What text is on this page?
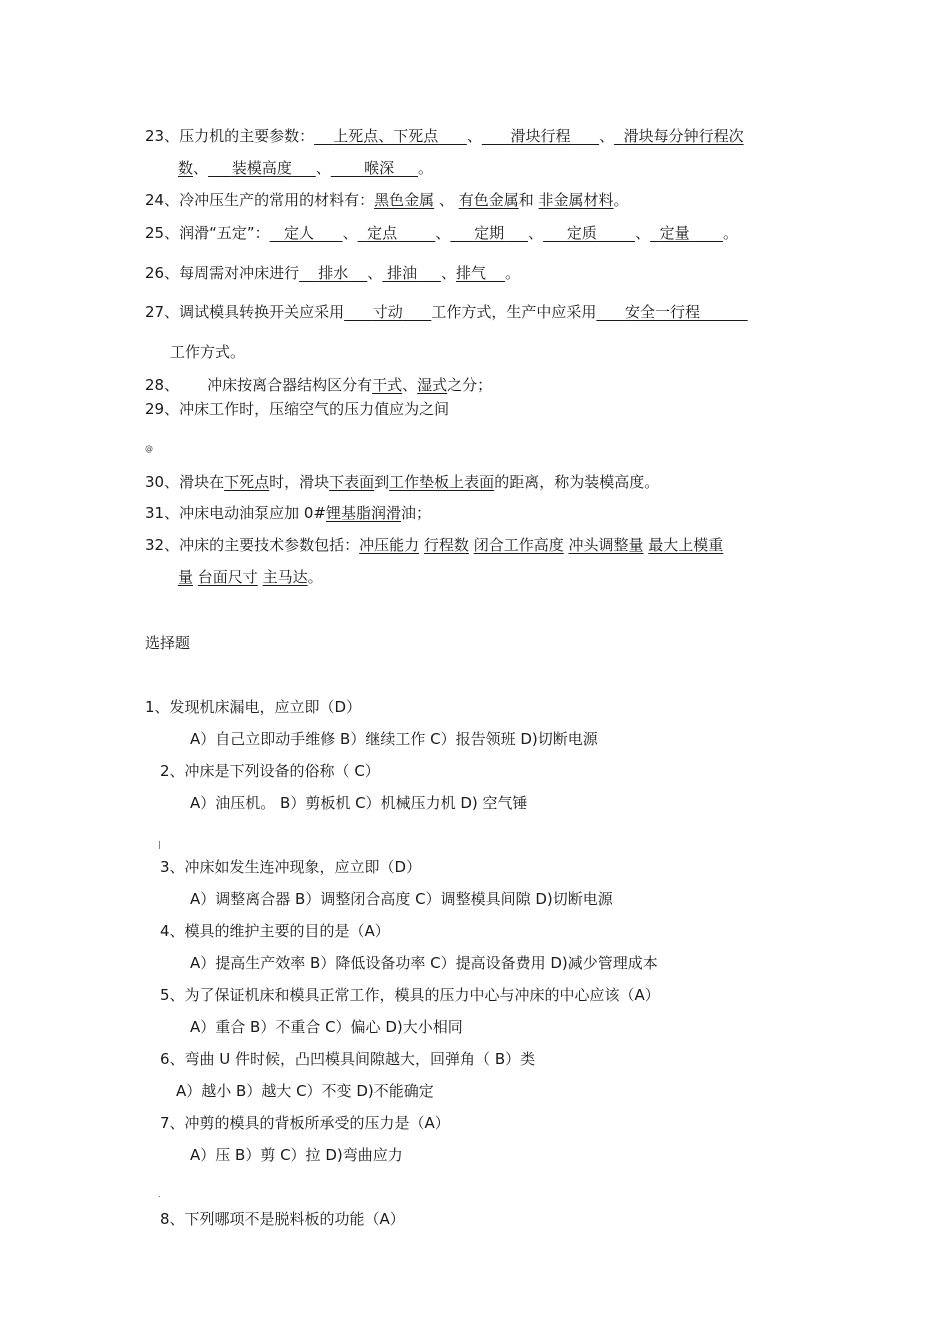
23、压力机的主要参数： 上死点、下死点 、 滑块行程 、 滑块每分钟行程次
数、 装模高度 、 喉深 。
24、冷冲压生产的常用的材料有：黑色金属 、 有色金属和 非金属材料。
25、润滑“五定”： 定人 、 定点	、 定期 、 定质	、 定量 。
26、每周需对冲床进行 排水 、 排油 、排气 。
27、调试模具转换开关应采用 寸动 工作方式，生产中应采用 安全一行程
工作方式。
28、 冲床按离合器结构区分有干式、湿式之分；
29、冲床工作时，压缩空气的压力值应为之间
@
30、滑块在下死点时，滑块下表面到工作垫板上表面的距离，称为装模高度。
31、冲床电动油泵应加 0#锂基脂润滑油；
32、冲床的主要技术参数包括：冲压能力 行程数 闭合工作高度 冲头调整量 最大上模重
量 台面尺寸 主马达。
选择题
1、发现机床漏电，应立即（D）
A）自己立即动手维修 B）继续工作 C）报告领班 D)切断电源
2、冲床是下列设备的俗称（ C）
A）油压机。 B）剪板机 C）机械压力机 D) 空气锤
|
3、冲床如发生连冲现象，应立即（D）
A）调整离合器 B）调整闭合高度 C）调整模具间隙 D)切断电源
4、模具的维护主要的目的是（A）
A）提高生产效率 B）降低设备功率 C）提高设备费用 D)减少管理成本
5、为了保证机床和模具正常工作，模具的压力中心与冲床的中心应该（A）
A）重合 B）不重合 C）偏心 D)大小相同
6、弯曲 U 件时候，凸凹模具间隙越大，回弹角（ B）类
A）越小 B）越大 C）不变 D)不能确定
7、冲剪的模具的背板所承受的压力是（A）
A）压 B）剪 C）拉 D)弯曲应力
.
8、下列哪项不是脱料板的功能（A）
